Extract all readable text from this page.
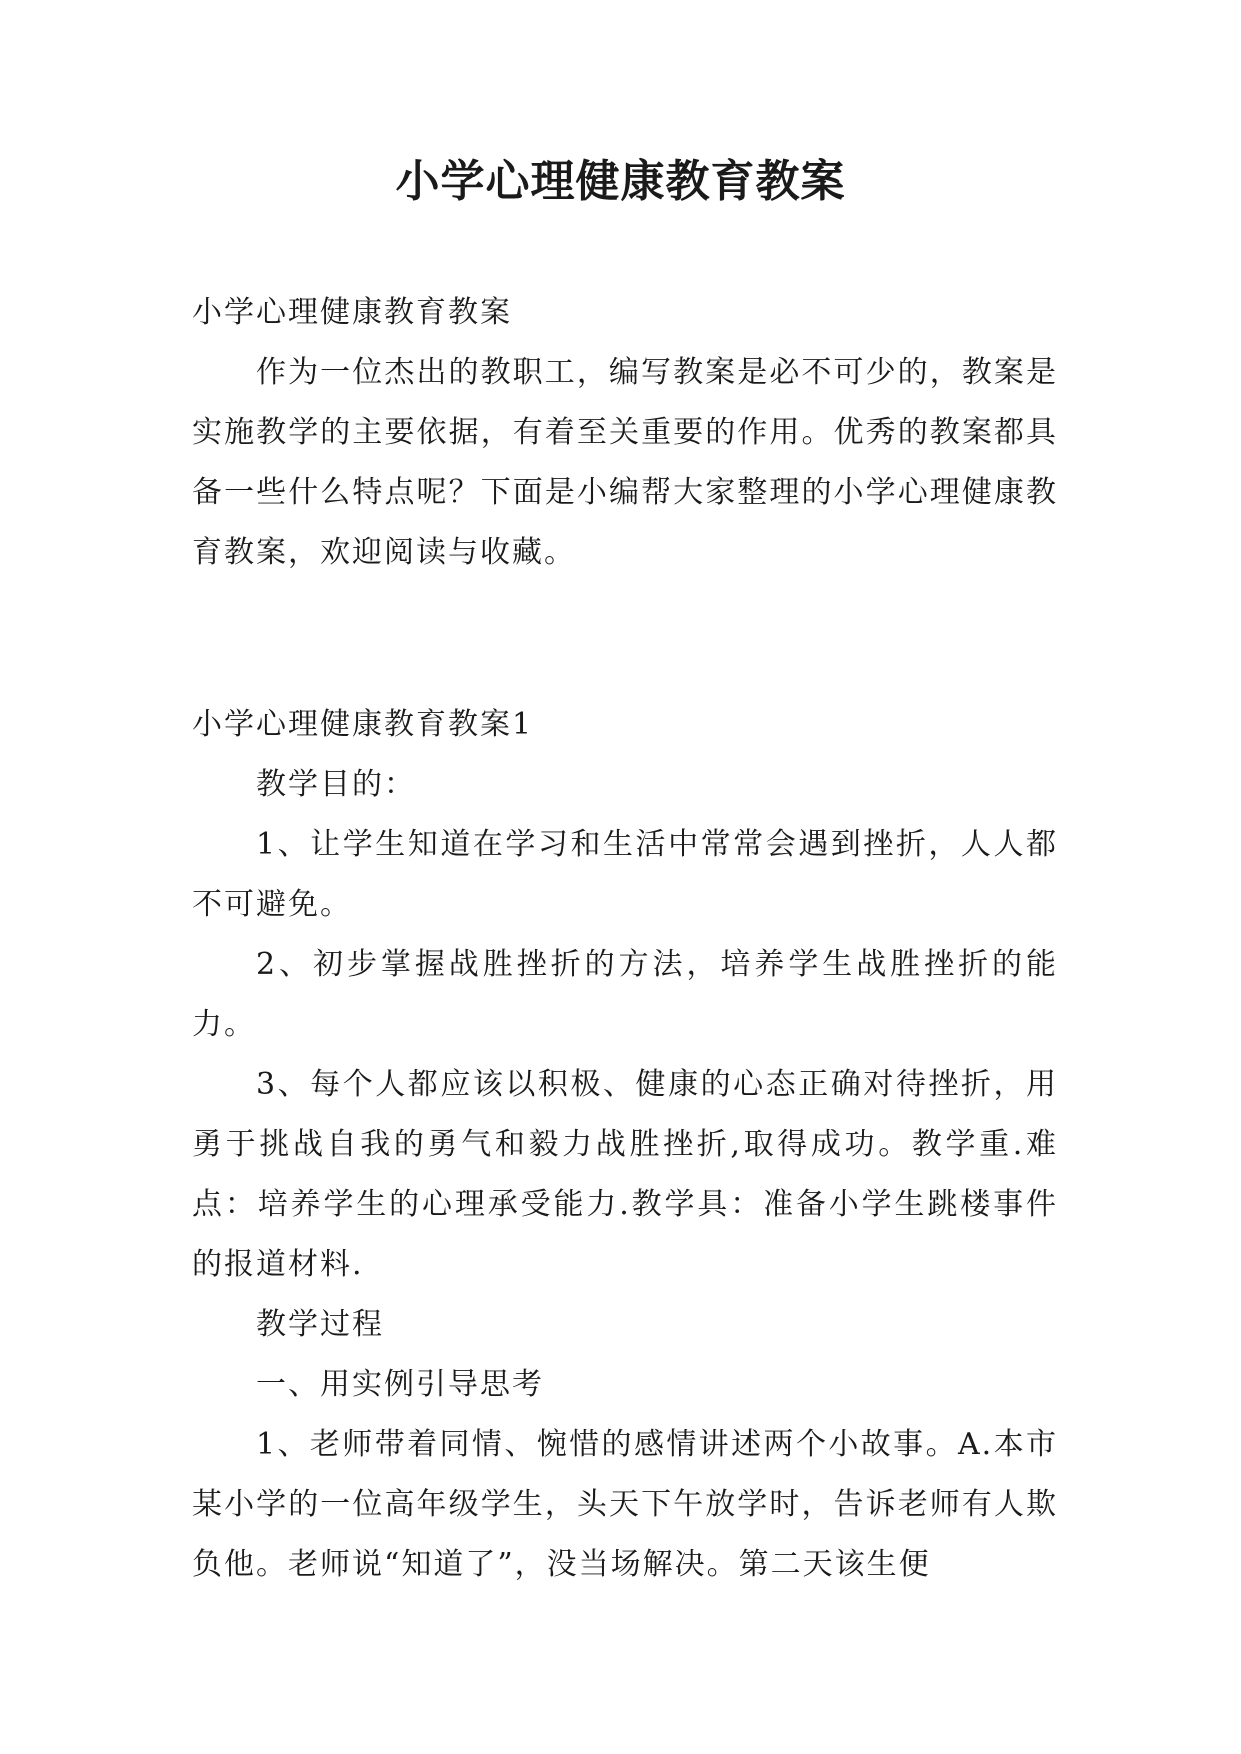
小学心理健康教育教案

小学心理健康教育教案

作为一位杰出的教职工，编写教案是必不可少的，教案是实施教学的主要依据，有着至关重要的作用。优秀的教案都具备一些什么特点呢？下面是小编帮大家整理的小学心理健康教育教案，欢迎阅读与收藏。

小学心理健康教育教案1

教学目的：

1、让学生知道在学习和生活中常常会遇到挫折，人人都不可避免。

2、初步掌握战胜挫折的方法，培养学生战胜挫折的能力。

3、每个人都应该以积极、健康的心态正确对待挫折，用勇于挑战自我的勇气和毅力战胜挫折,取得成功。教学重.难点：培养学生的心理承受能力.教学具：准备小学生跳楼事件的报道材料.

教学过程

一、用实例引导思考

1、老师带着同情、惋惜的感情讲述两个小故事。A.本市某小学的一位高年级学生，头天下午放学时，告诉老师有人欺负他。老师说“知道了”，没当场解决。第二天该生便
